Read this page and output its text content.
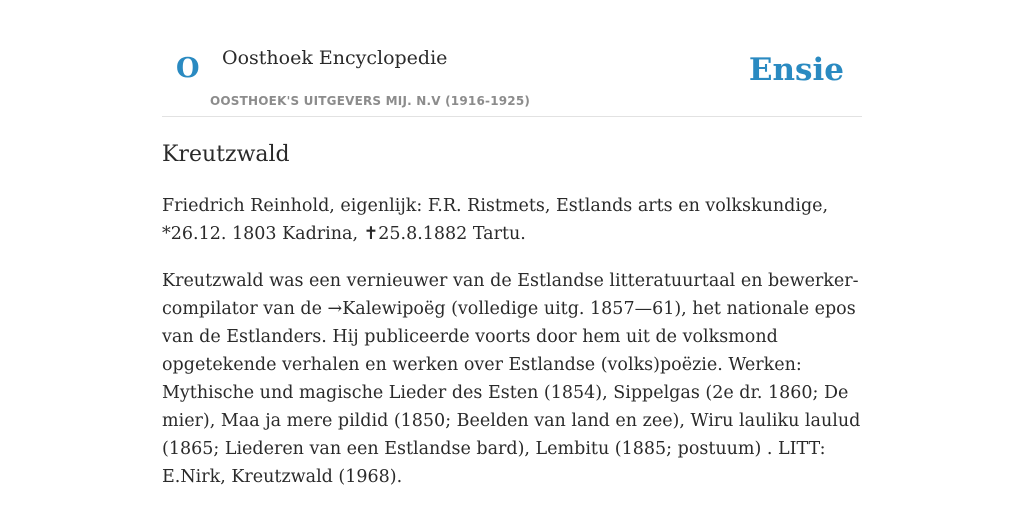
O Oosthoek Encyclopedie
OOSTHOEK'S UITGEVERS MIJ. N.V (1916-1925)
Ensie
Kreutzwald

Friedrich Reinhold, eigenlijk: F.R. Ristmets, Estlands arts en volkskundige, *26.12. 1803 Kadrina, ✝25.8.1882 Tartu.

Kreutzwald was een vernieuwer van de Estlandse litteratuurtaal en bewerker-compilator van de →Kalewipoëg (volledige uitg. 1857—61), het nationale epos van de Estlanders. Hij publiceerde voorts door hem uit de volksmond opgetekende verhalen en werken over Estlandse (volks)poëzie. Werken: Mythische und magische Lieder des Esten (1854), Sippelgas (2e dr. 1860; De mier), Maa ja mere pildid (1850; Beelden van land en zee), Wiru lauliku laulud (1865; Liederen van een Estlandse bard), Lembitu (1885; postuum) . LITT: E.Nirk, Kreutzwald (1968).
